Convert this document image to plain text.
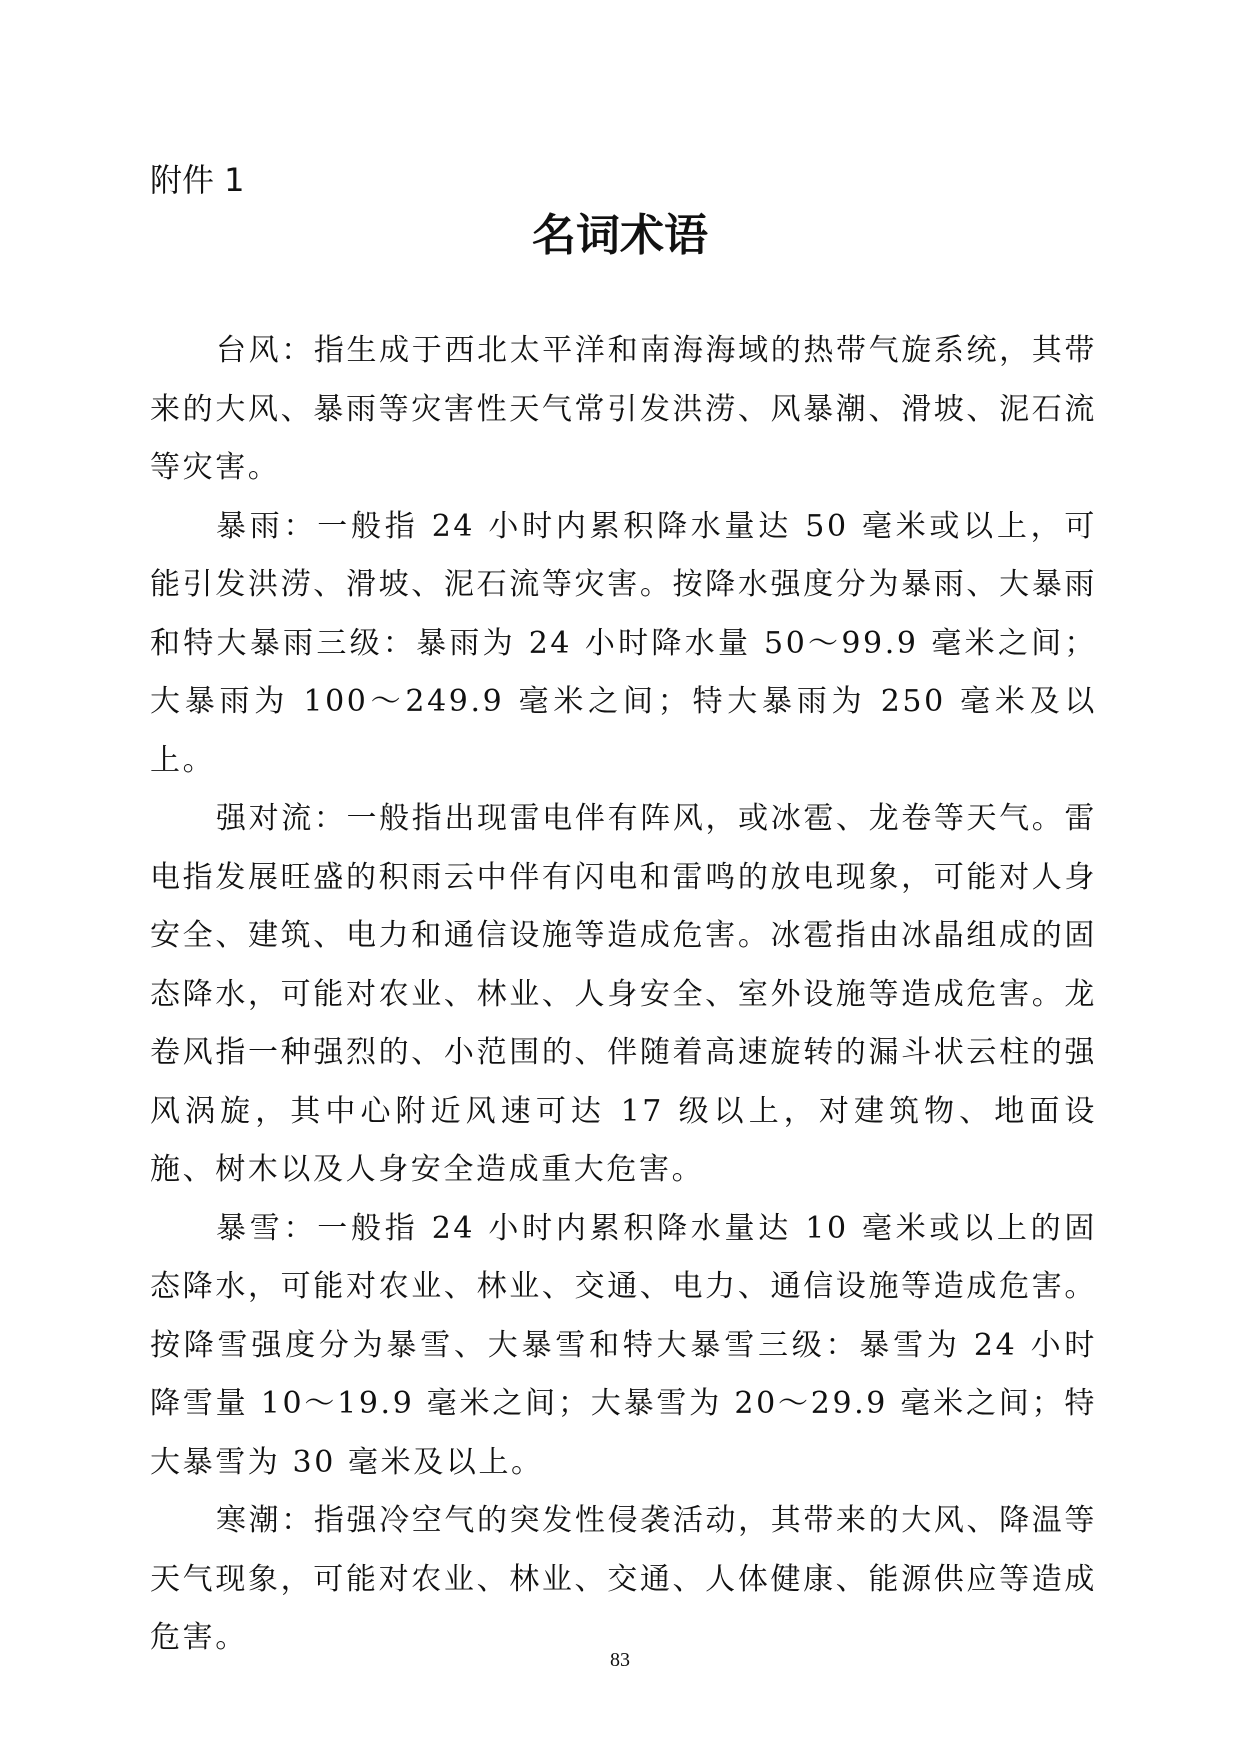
附件 1
名词术语

台风：指生成于西北太平洋和南海海域的热带气旋系统，其带来的大风、暴雨等灾害性天气常引发洪涝、风暴潮、滑坡、泥石流等灾害。

暴雨：一般指 24 小时内累积降水量达 50 毫米或以上，可能引发洪涝、滑坡、泥石流等灾害。按降水强度分为暴雨、大暴雨和特大暴雨三级：暴雨为 24 小时降水量 50～99.9 毫米之间；大暴雨为 100～249.9 毫米之间；特大暴雨为 250 毫米及以上。

强对流：一般指出现雷电伴有阵风，或冰雹、龙卷等天气。雷电指发展旺盛的积雨云中伴有闪电和雷鸣的放电现象，可能对人身安全、建筑、电力和通信设施等造成危害。冰雹指由冰晶组成的固态降水，可能对农业、林业、人身安全、室外设施等造成危害。龙卷风指一种强烈的、小范围的、伴随着高速旋转的漏斗状云柱的强风涡旋，其中心附近风速可达 17 级以上，对建筑物、地面设施、树木以及人身安全造成重大危害。

暴雪：一般指 24 小时内累积降水量达 10 毫米或以上的固态降水，可能对农业、林业、交通、电力、通信设施等造成危害。按降雪强度分为暴雪、大暴雪和特大暴雪三级：暴雪为 24 小时降雪量 10～19.9 毫米之间；大暴雪为 20～29.9 毫米之间；特大暴雪为 30 毫米及以上。

寒潮：指强冷空气的突发性侵袭活动，其带来的大风、降温等天气现象，可能对农业、林业、交通、人体健康、能源供应等造成危害。

83
